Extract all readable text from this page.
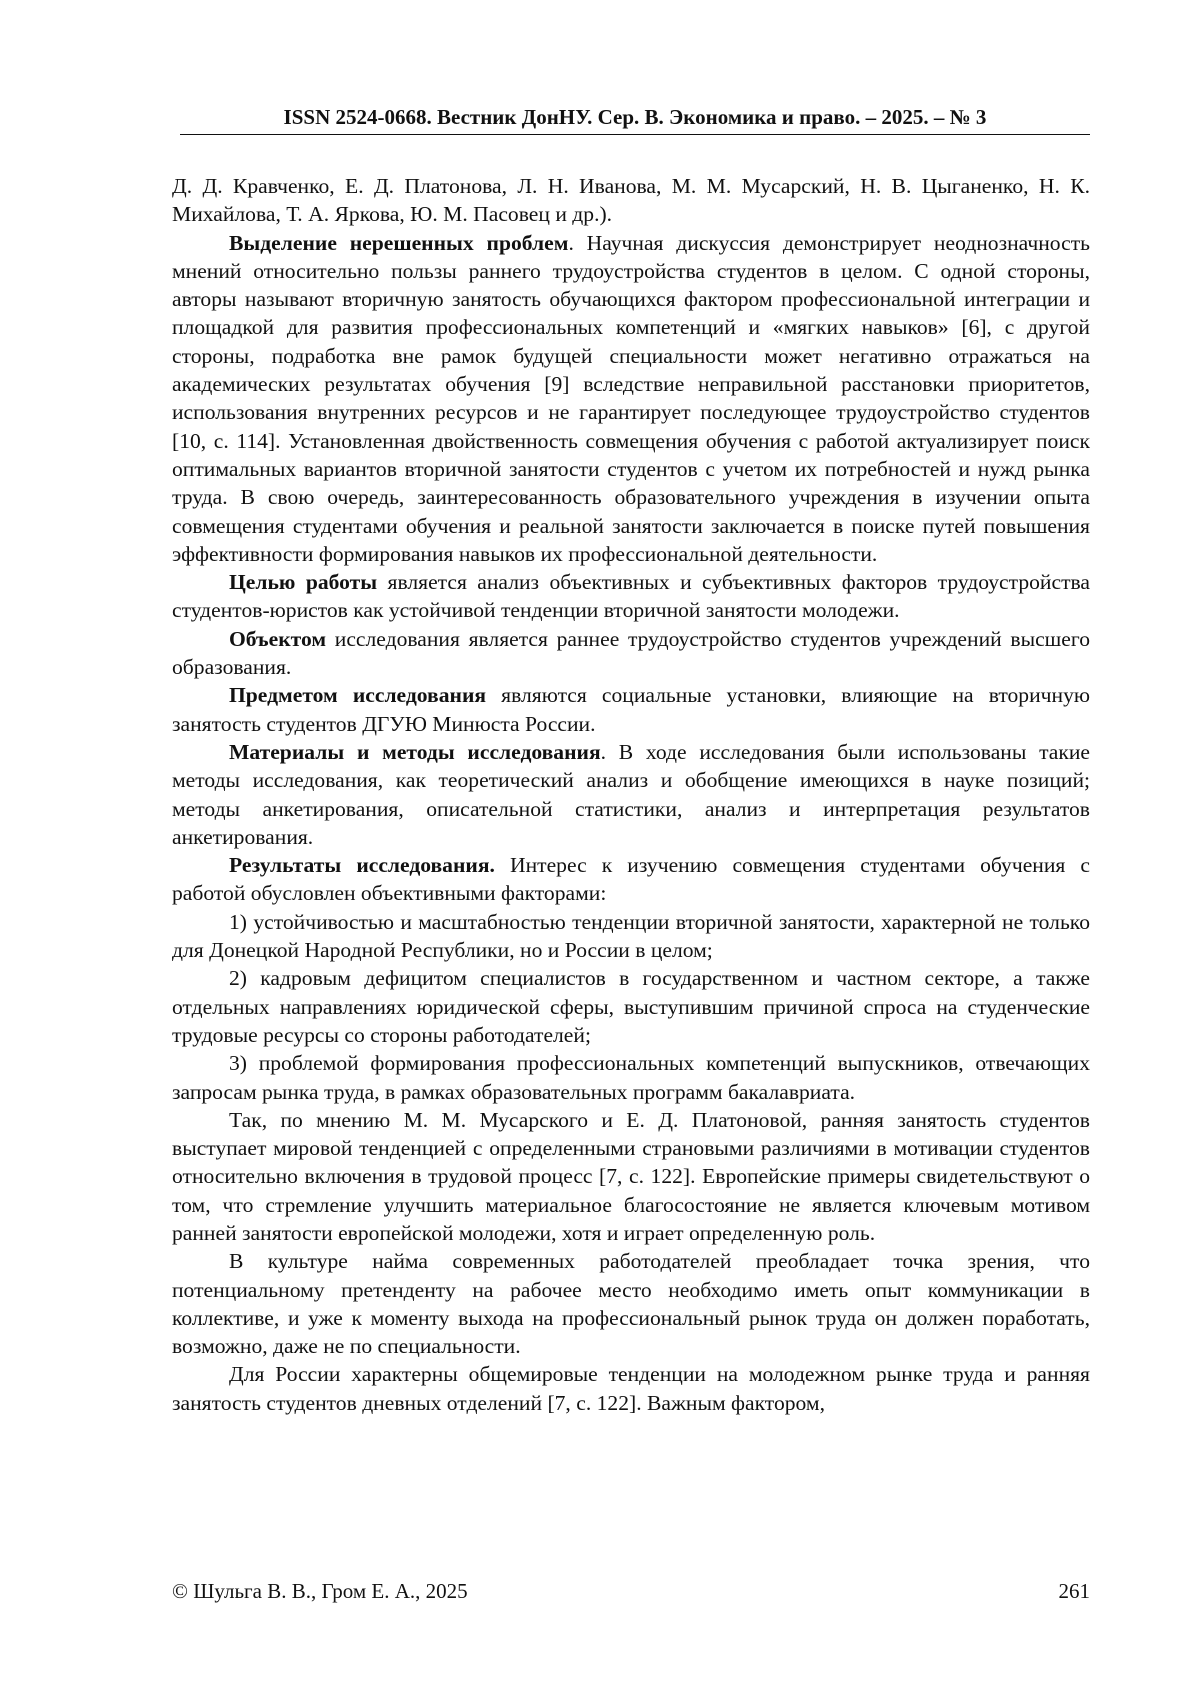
ISSN 2524-0668. Вестник ДонНУ. Сер. В. Экономика и право. – 2025. – № 3

Д. Д. Кравченко, Е. Д. Платонова, Л. Н. Иванова, М. М. Мусарский, Н. В. Цыганенко, Н. К. Михайлова, Т. А. Яркова, Ю. М. Пасовец и др.).

Выделение нерешенных проблем. Научная дискуссия демонстрирует неоднозначность мнений относительно пользы раннего трудоустройства студентов в целом. С одной стороны, авторы называют вторичную занятость обучающихся фактором профессиональной интеграции и площадкой для развития профессиональных компетенций и «мягких навыков» [6], с другой стороны, подработка вне рамок будущей специальности может негативно отражаться на академических результатах обучения [9] вследствие неправильной расстановки приоритетов, использования внутренних ресурсов и не гарантирует последующее трудоустройство студентов [10, с. 114]. Установленная двойственность совмещения обучения с работой актуализирует поиск оптимальных вариантов вторичной занятости студентов с учетом их потребностей и нужд рынка труда. В свою очередь, заинтересованность образовательного учреждения в изучении опыта совмещения студентами обучения и реальной занятости заключается в поиске путей повышения эффективности формирования навыков их профессиональной деятельности.

Целью работы является анализ объективных и субъективных факторов трудоустройства студентов-юристов как устойчивой тенденции вторичной занятости молодежи.

Объектом исследования является раннее трудоустройство студентов учреждений высшего образования.

Предметом исследования являются социальные установки, влияющие на вторичную занятость студентов ДГУЮ Минюста России.

Материалы и методы исследования. В ходе исследования были использованы такие методы исследования, как теоретический анализ и обобщение имеющихся в науке позиций; методы анкетирования, описательной статистики, анализ и интерпретация результатов анкетирования.

Результаты исследования. Интерес к изучению совмещения студентами обучения с работой обусловлен объективными факторами:

1) устойчивостью и масштабностью тенденции вторичной занятости, характерной не только для Донецкой Народной Республики, но и России в целом;

2) кадровым дефицитом специалистов в государственном и частном секторе, а также отдельных направлениях юридической сферы, выступившим причиной спроса на студенческие трудовые ресурсы со стороны работодателей;

3) проблемой формирования профессиональных компетенций выпускников, отвечающих запросам рынка труда, в рамках образовательных программ бакалавриата.

Так, по мнению М. М. Мусарского и Е. Д. Платоновой, ранняя занятость студентов выступает мировой тенденцией с определенными страновыми различиями в мотивации студентов относительно включения в трудовой процесс [7, с. 122]. Европейские примеры свидетельствуют о том, что стремление улучшить материальное благосостояние не является ключевым мотивом ранней занятости европейской молодежи, хотя и играет определенную роль.

В культуре найма современных работодателей преобладает точка зрения, что потенциальному претенденту на рабочее место необходимо иметь опыт коммуникации в коллективе, и уже к моменту выхода на профессиональный рынок труда он должен поработать, возможно, даже не по специальности.

Для России характерны общемировые тенденции на молодежном рынке труда и ранняя занятость студентов дневных отделений [7, с. 122]. Важным фактором,

© Шульга В. В., Гром Е. А., 2025	261
